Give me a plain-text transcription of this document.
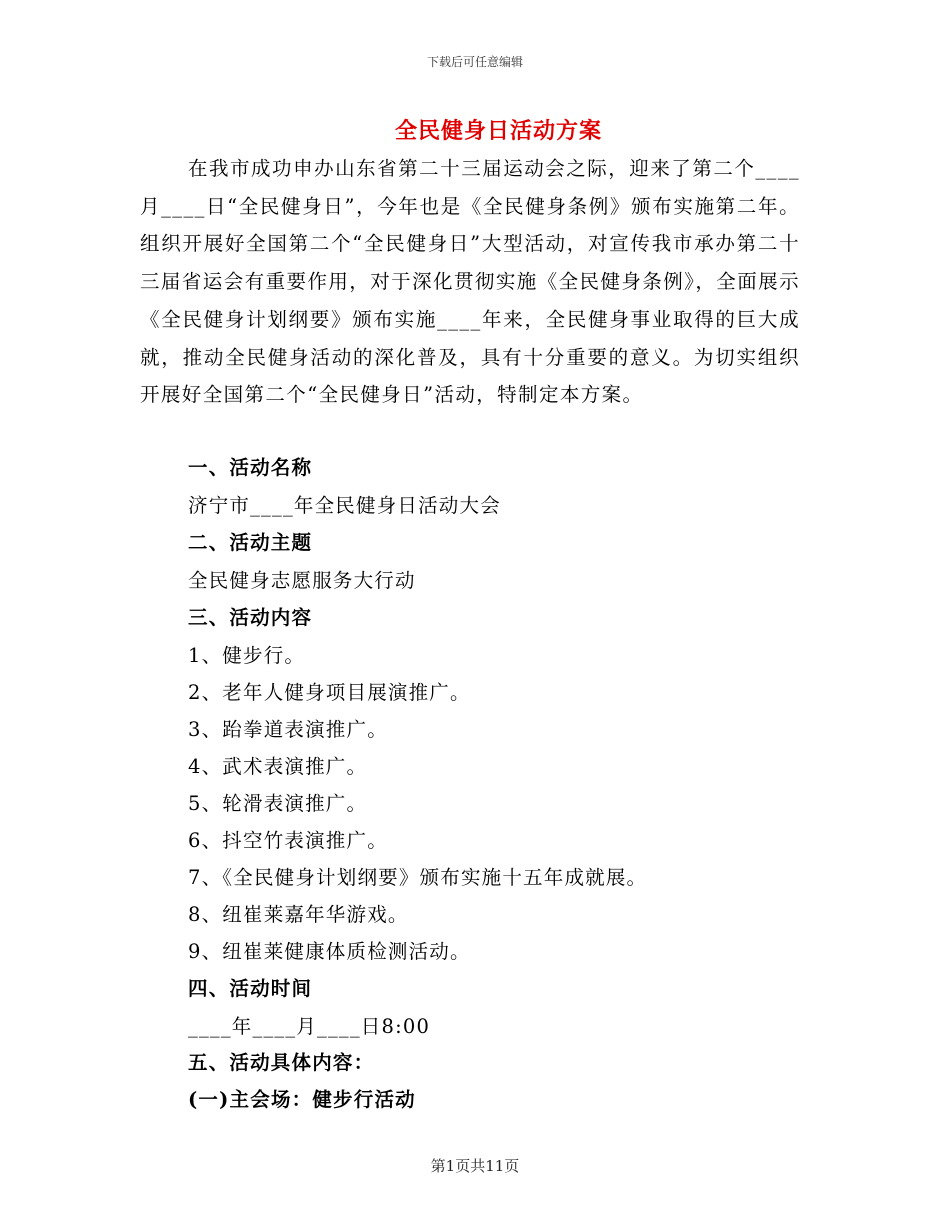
下载后可任意编辑
全民健身日活动方案
在我市成功申办山东省第二十三届运动会之际，迎来了第二个____月____日“全民健身日”，今年也是《全民健身条例》颁布实施第二年。组织开展好全国第二个“全民健身日”大型活动，对宣传我市承办第二十三届省运会有重要作用，对于深化贯彻实施《全民健身条例》，全面展示《全民健身计划纲要》颁布实施____年来，全民健身事业取得的巨大成就，推动全民健身活动的深化普及，具有十分重要的意义。为切实组织开展好全国第二个“全民健身日”活动，特制定本方案。
一、活动名称
济宁市____年全民健身日活动大会
二、活动主题
全民健身志愿服务大行动
三、活动内容
1、健步行。
2、老年人健身项目展演推广。
3、跆拳道表演推广。
4、武术表演推广。
5、轮滑表演推广。
6、抖空竹表演推广。
7、《全民健身计划纲要》颁布实施十五年成就展。
8、纽崔莱嘉年华游戏。
9、纽崔莱健康体质检测活动。
四、活动时间
____年____月____日8:00
五、活动具体内容：
(一)主会场：健步行活动
第1页共11页
